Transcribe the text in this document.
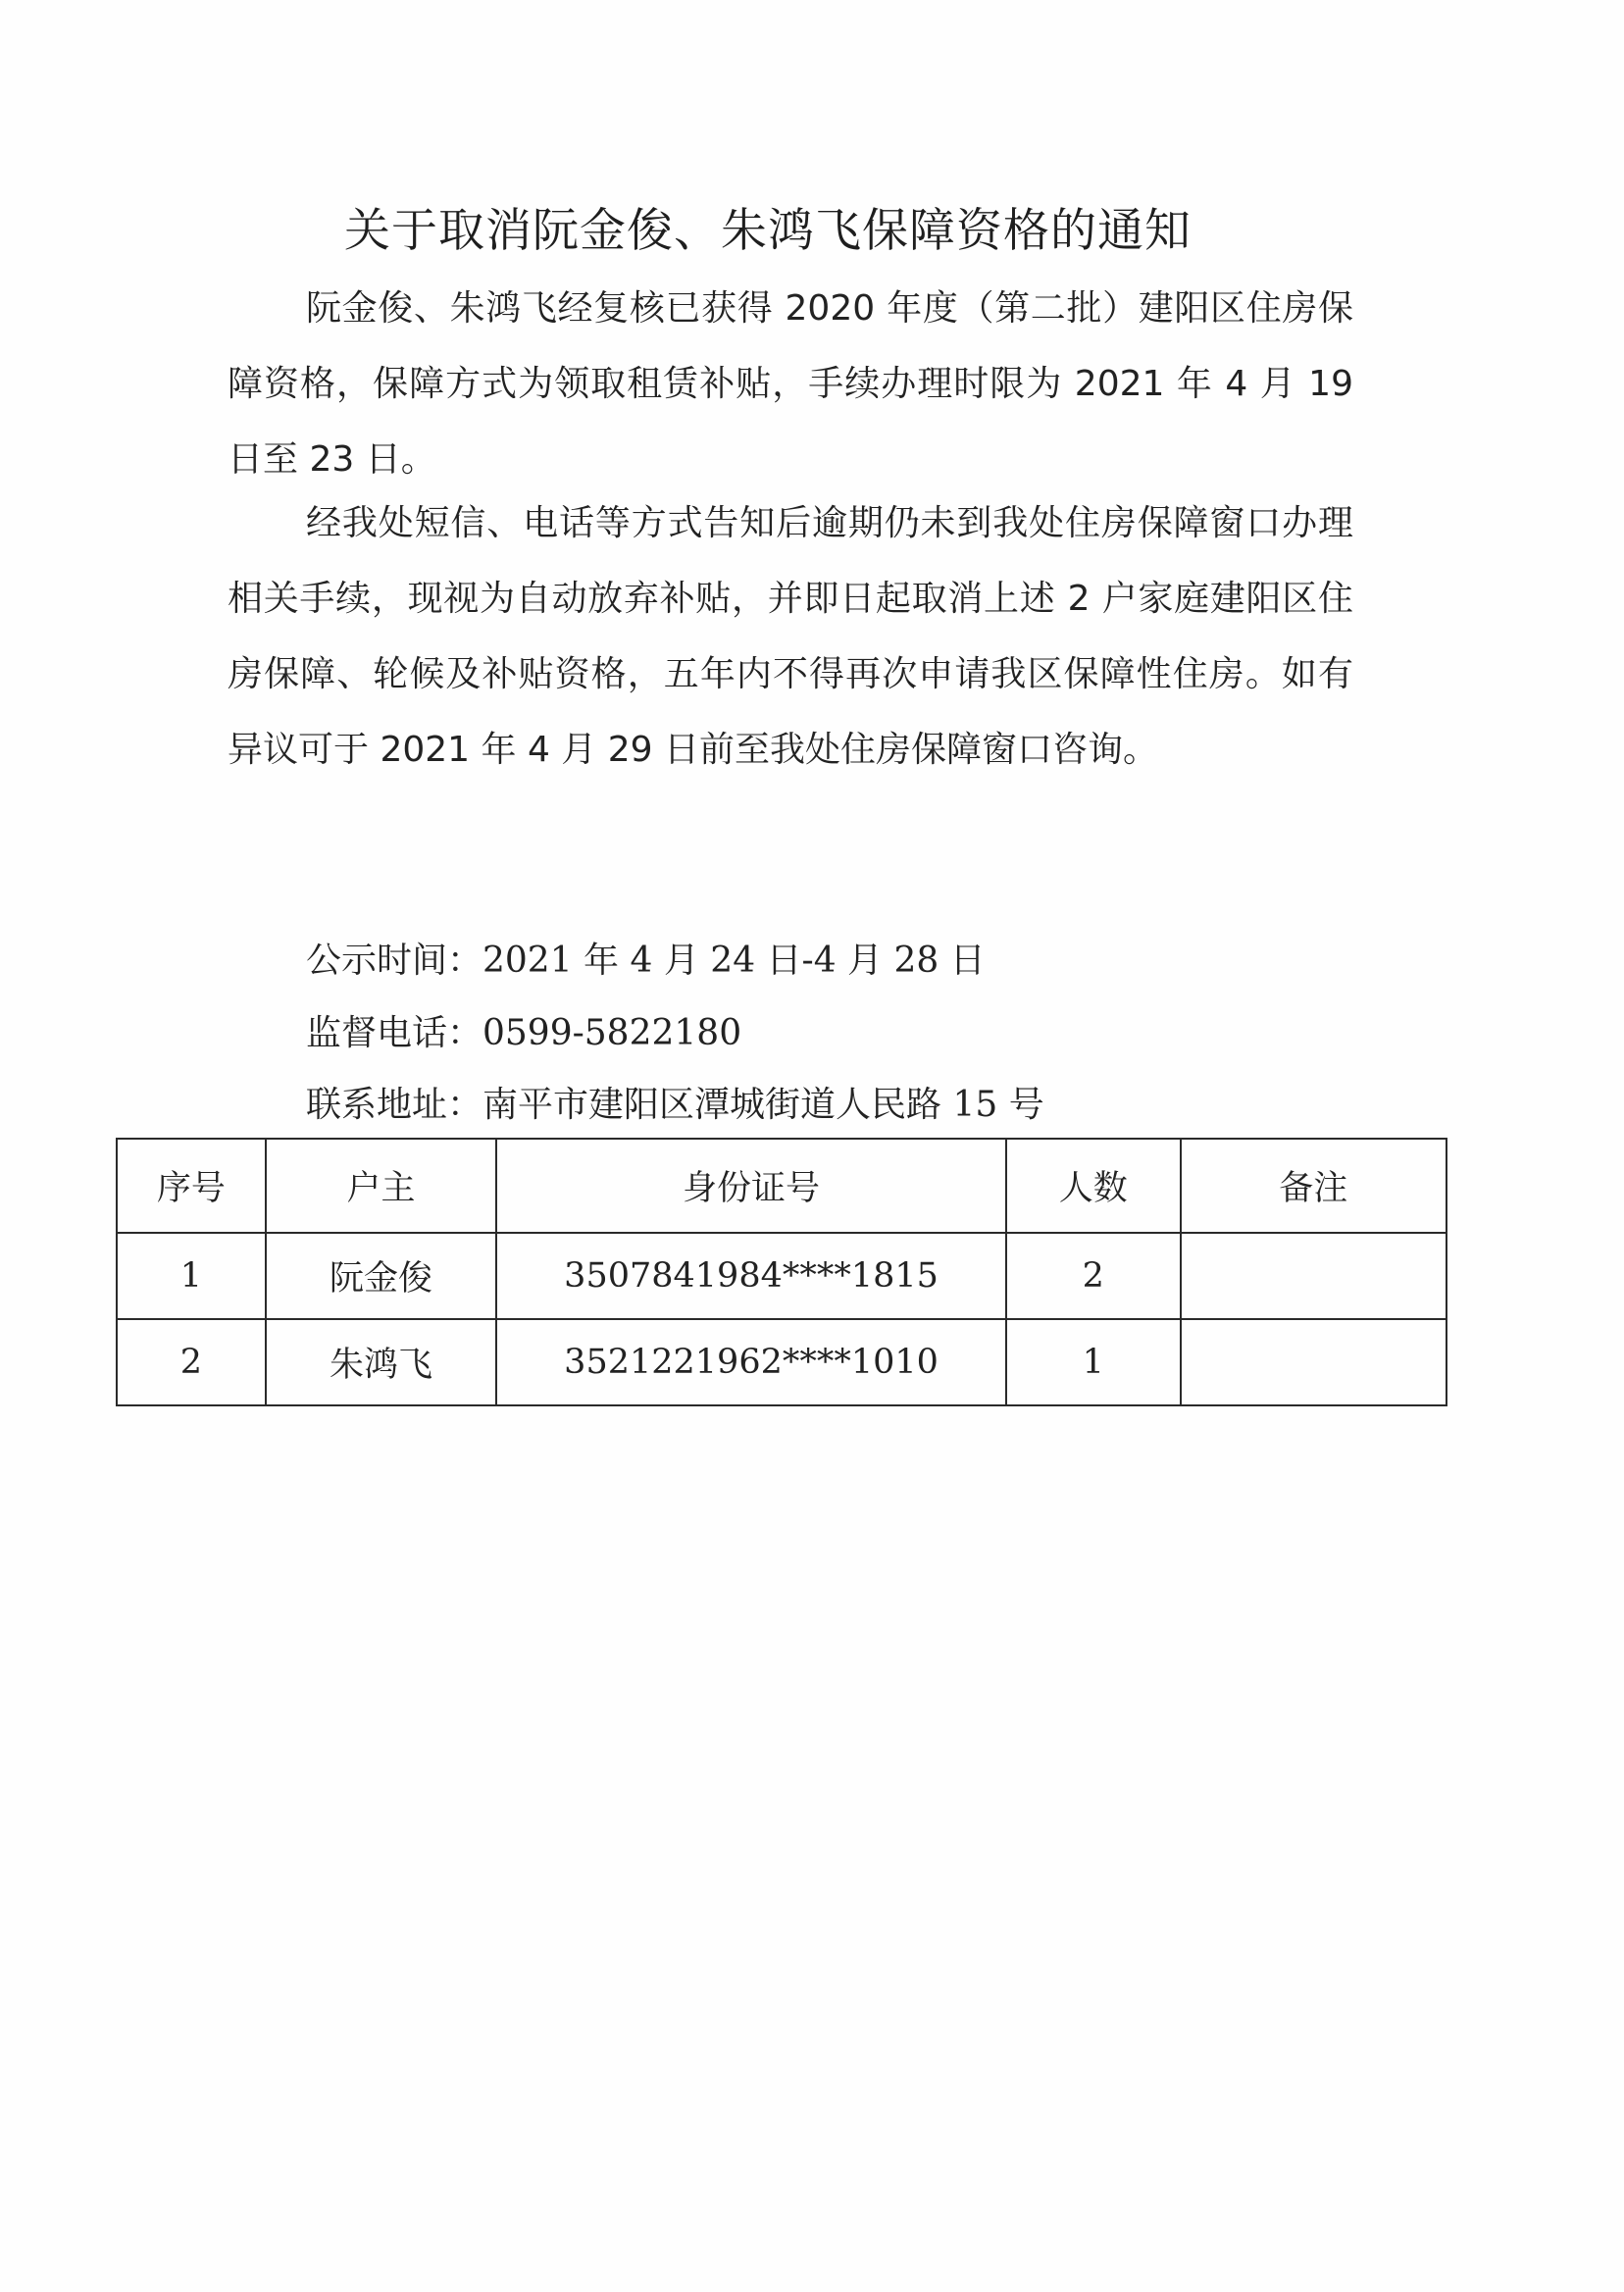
关于取消阮金俊、朱鸿飞保障资格的通知

阮金俊、朱鸿飞经复核已获得 2020 年度（第二批）建阳区住房保障资格，保障方式为领取租赁补贴，手续办理时限为 2021 年 4 月 19 日至 23 日。

经我处短信、电话等方式告知后逾期仍未到我处住房保障窗口办理相关手续，现视为自动放弃补贴，并即日起取消上述 2 户家庭建阳区住房保障、轮候及补贴资格，五年内不得再次申请我区保障性住房。如有异议可于 2021 年 4 月 29 日前至我处住房保障窗口咨询。

公示时间：2021 年 4 月 24 日-4 月 28 日
监督电话：0599-5822180
联系地址：南平市建阳区潭城街道人民路 15 号
序号	户主	身份证号	人数	备注
1	阮金俊	3507841984****1815	2	
2	朱鸿飞	3521221962****1010	1	
